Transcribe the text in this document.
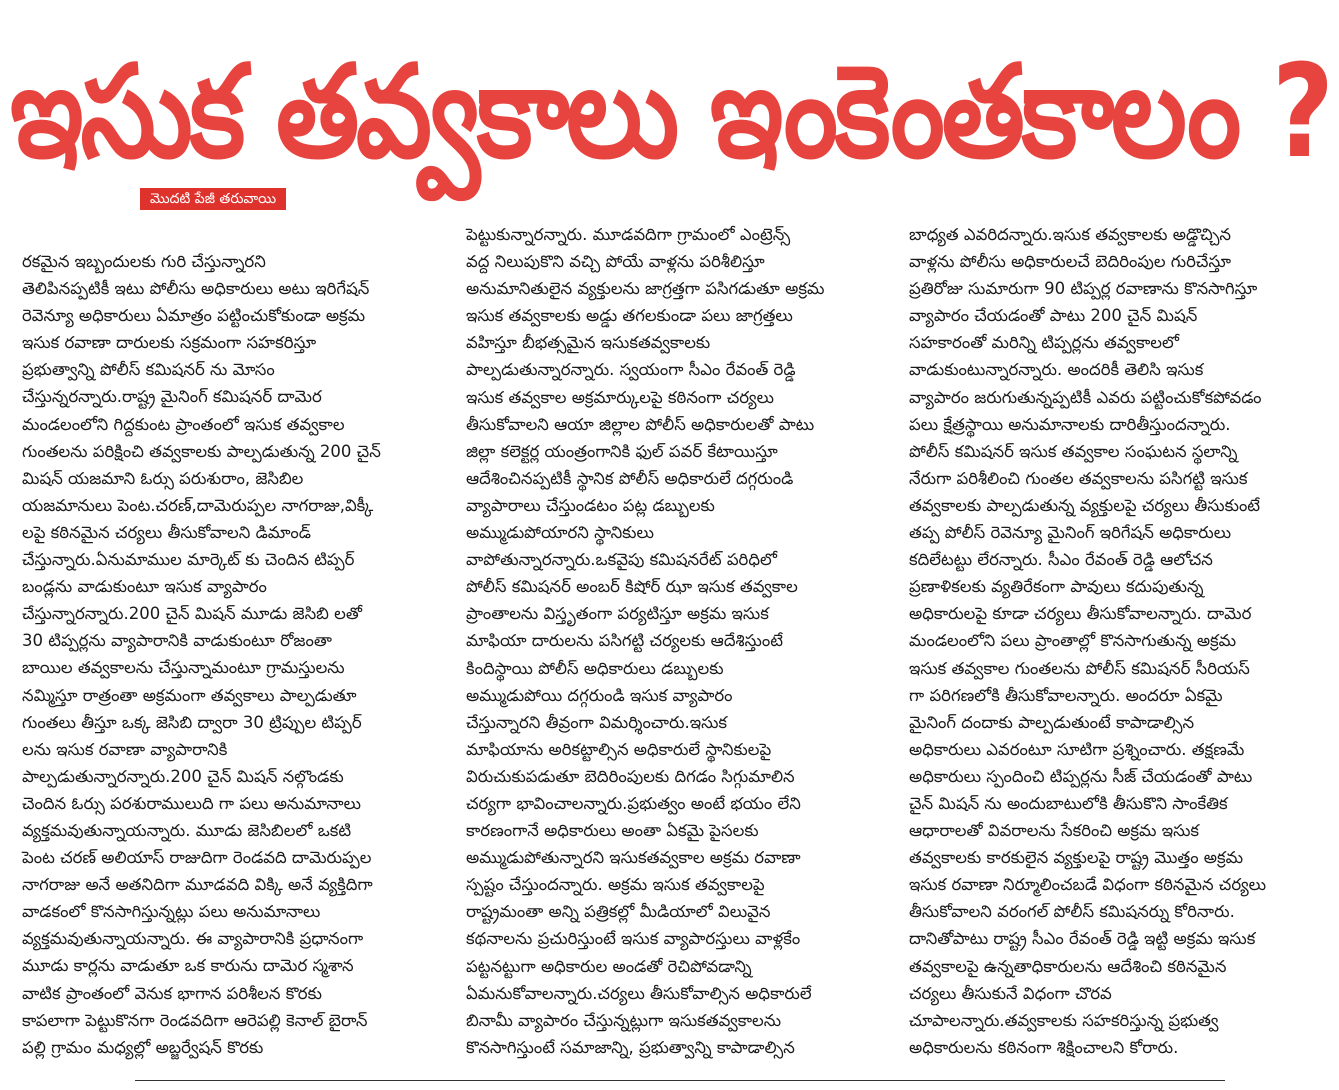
ఇసుక తవ్వకాలు ఇంకెంతకాలం ?
మొదటి పేజీ తరువాయి
రకమైన ఇబ్బందులకు గురి చేస్తున్నారని
తెలిపినప్పటికీ ఇటు పోలీసు అధికారులు అటు ఇరిగేషన్
రెవెన్యూ అధికారులు ఏమాత్రం పట్టించుకోకుండా అక్రమ
ఇసుక రవాణా దారులకు సక్రమంగా సహకరిస్తూ
ప్రభుత్వాన్ని పోలీస్ కమిషనర్ ను మోసం
చేస్తున్నరన్నారు.రాష్ట్ర మైనింగ్ కమిషనర్ దామెర
మండలంలోని గిద్దకుంట ప్రాంతంలో ఇసుక తవ్వకాల
గుంతలను పరిక్షించి తవ్వకాలకు పాల్పడుతున్న 200 చైన్
మిషన్ యజమాని ఓర్సు పరుశురాం, జెసిబిల
యజమానులు పెంట.చరణ్,దామెరుప్పల నాగరాజు,విక్కీ
లపై కఠినమైన చర్యలు తీసుకోవాలని డిమాండ్
చేస్తున్నారు.ఏనుమాముల మార్కెట్ కు చెందిన టిప్పర్
బండ్లను వాడుకుంటూ ఇసుక వ్యాపారం
చేస్తున్నారన్నారు.200 చైన్ మిషన్ మూడు జెసిబి లతో
30 టిప్పర్లను వ్యాపారానికి వాడుకుంటూ రోజంతా
బాయిల తవ్వకాలను చేస్తున్నామంటూ గ్రామస్తులను
నమ్మిస్తూ రాత్రంతా అక్రమంగా తవ్వకాలు పాల్పడుతూ
గుంతలు తీస్తూ ఒక్క జెసిబి ద్వారా 30 ట్రిప్పుల టిప్పర్
లను ఇసుక రవాణా వ్యాపారానికి
పాల్పడుతున్నారన్నారు.200 చైన్ మిషన్ నల్గొండకు
చెందిన ఓర్సు పరశురాములుది గా పలు అనుమానాలు
వ్యక్తమవుతున్నాయన్నారు. మూడు జెసిబిలలో ఒకటి
పెంట చరణ్ అలియాస్ రాజుదిగా రెండవది దామెరుప్పల
నాగరాజు అనే అతనిదిగా మూడవది విక్కి అనే వ్యక్తిదిగా
వాడకంలో కొనసాగిస్తున్నట్లు పలు అనుమానాలు
వ్యక్తమవుతున్నాయన్నారు. ఈ వ్యాపారానికి ప్రధానంగా
మూడు కార్లను వాడుతూ ఒక కారును దామెర స్మశాన
వాటిక ప్రాంతంలో వెనుక భాగాన పరిశీలన కొరకు
కాపలాగా పెట్టుకొనగా రెండవదిగా ఆరెపల్లి కెనాల్ బైరాన్
పల్లి గ్రామం మధ్యల్లో అబ్జర్వేషన్ కొరకు
పెట్టుకున్నారన్నారు. మూడవదిగా గ్రామంలో ఎంట్రెన్స్
వద్ద నిలుపుకొని వచ్చి పోయే వాళ్లను పరిశీలిస్తూ
అనుమానితులైన వ్యక్తులను జాగ్రత్తగా పసిగడుతూ అక్రమ
ఇసుక తవ్వకాలకు అడ్డు తగలకుండా పలు జాగ్రత్తలు
వహిస్తూ బీభత్సమైన ఇసుకతవ్వకాలకు
పాల్పడుతున్నారన్నారు. స్వయంగా సీఎం రేవంత్ రెడ్డి
ఇసుక తవ్వకాల అక్రమార్కులపై కఠినంగా చర్యలు
తీసుకోవాలని ఆయా జిల్లాల పోలీస్ అధికారులతో పాటు
జిల్లా కలెక్టర్ల యంత్రంగానికి ఫుల్ పవర్ కేటాయిస్తూ
ఆదేశించినప్పటికీ స్థానిక పోలీస్ అధికారులే దగ్గరుండి
వ్యాపారాలు చేస్తుండటం పట్ల డబ్బులకు
అమ్ముడుపోయారని స్థానికులు
వాపోతున్నారన్నారు.ఒకవైపు కమిషనరేట్ పరిధిలో
పోలీస్ కమిషనర్ అంబర్ కిషోర్ ఝా ఇసుక తవ్వకాల
ప్రాంతాలను విస్తృతంగా పర్యటిస్తూ అక్రమ ఇసుక
మాఫియా దారులను పసిగట్టి చర్యలకు ఆదేశిస్తుంటే
కిందిస్థాయి పోలీస్ అధికారులు డబ్బులకు
అమ్ముడుపోయి దగ్గరుండి ఇసుక వ్యాపారం
చేస్తున్నారని తీవ్రంగా విమర్శించారు.ఇసుక
మాఫియాను అరికట్టాల్సిన అధికారులే స్థానికులపై
విరుచుకుపడుతూ బెదిరింపులకు దిగడం సిగ్గుమాలిన
చర్యగా భావించాలన్నారు.ప్రభుత్వం అంటే భయం లేని
కారణంగానే అధికారులు అంతా ఏకమై పైసలకు
అమ్ముడుపోతున్నారని ఇసుకతవ్వకాల అక్రమ రవాణా
స్పష్టం చేస్తుందన్నారు. అక్రమ ఇసుక తవ్వకాలపై
రాష్ట్రమంతా అన్ని పత్రికల్లో మీడియాలో విలువైన
కథనాలను ప్రచురిస్తుంటే ఇసుక వ్యాపారస్తులు వాళ్లకేం
పట్టనట్టుగా అధికారుల అండతో రెచిపోవడాన్ని
ఏమనుకోవాలన్నారు.చర్యలు తీసుకోవాల్సిన అధికారులే
బినామీ వ్యాపారం చేస్తున్నట్లుగా ఇసుకతవ్వకాలను
కొనసాగిస్తుంటే సమాజాన్ని, ప్రభుత్వాన్ని కాపాడాల్సిన
బాధ్యత ఎవరిదన్నారు.ఇసుక తవ్వకాలకు అడ్డొచ్చిన
వాళ్లను పోలీసు అధికారులచే బెదిరింపుల గురిచేస్తూ
ప్రతిరోజు సుమారుగా 90 టిప్పర్ల రవాణాను కొనసాగిస్తూ
వ్యాపారం చేయడంతో పాటు 200 చైన్ మిషన్
సహకారంతో మరిన్ని టిప్పర్లను తవ్వకాలలో
వాడుకుంటున్నారన్నారు. అందరికీ తెలిసి ఇసుక
వ్యాపారం జరుగుతున్నప్పటికీ ఎవరు పట్టించుకోకపోవడం
పలు క్షేత్రస్థాయి అనుమానాలకు దారితీస్తుందన్నారు.
పోలీస్ కమిషనర్ ఇసుక తవ్వకాల సంఘటన స్థలాన్ని
నేరుగా పరిశీలించి గుంతల తవ్వకాలను పసిగట్టి ఇసుక
తవ్వకాలకు పాల్పడుతున్న వ్యక్తులపై చర్యలు తీసుకుంటే
తప్ప పోలీస్ రెవెన్యూ మైనింగ్ ఇరిగేషన్ అధికారులు
కదిలేటట్టు లేరన్నారు. సీఎం రేవంత్ రెడ్డి ఆలోచన
ప్రణాళికలకు వ్యతిరేకంగా పావులు కదుపుతున్న
అధికారులపై కూడా చర్యలు తీసుకోవాలన్నారు. దామెర
మండలంలోని పలు ప్రాంతాల్లో కొనసాగుతున్న అక్రమ
ఇసుక తవ్వకాల గుంతలను పోలీస్ కమిషనర్ సీరియస్
గా పరిగణలోకి తీసుకోవాలన్నారు. అందరూ ఏకమై
మైనింగ్ దందాకు పాల్పడుతుంటే కాపాడాల్సిన
అధికారులు ఎవరంటూ సూటిగా ప్రశ్నించారు. తక్షణమే
అధికారులు స్పందించి టిప్పర్లను సీజ్ చేయడంతో పాటు
చైన్ మిషన్ ను అందుబాటులోకి తీసుకొని సాంకేతిక
ఆధారాలతో వివరాలను సేకరించి అక్రమ ఇసుక
తవ్వకాలకు కారకులైన వ్యక్తులపై రాష్ట్ర మొత్తం అక్రమ
ఇసుక రవాణా నిర్మూలించబడే విధంగా కఠినమైన చర్యలు
తీసుకోవాలని వరంగల్ పోలీస్ కమిషనర్ను కోరినారు.
దానితోపాటు రాష్ట్ర సీఎం రేవంత్ రెడ్డి ఇట్టి అక్రమ ఇసుక
తవ్వకాలపై ఉన్నతాధికారులను ఆదేశించి కఠినమైన
చర్యలు తీసుకునే విధంగా చొరవ
చూపాలన్నారు.తవ్వకాలకు సహకరిస్తున్న ప్రభుత్వ
అధికారులను కఠినంగా శిక్షించాలని కోరారు.
